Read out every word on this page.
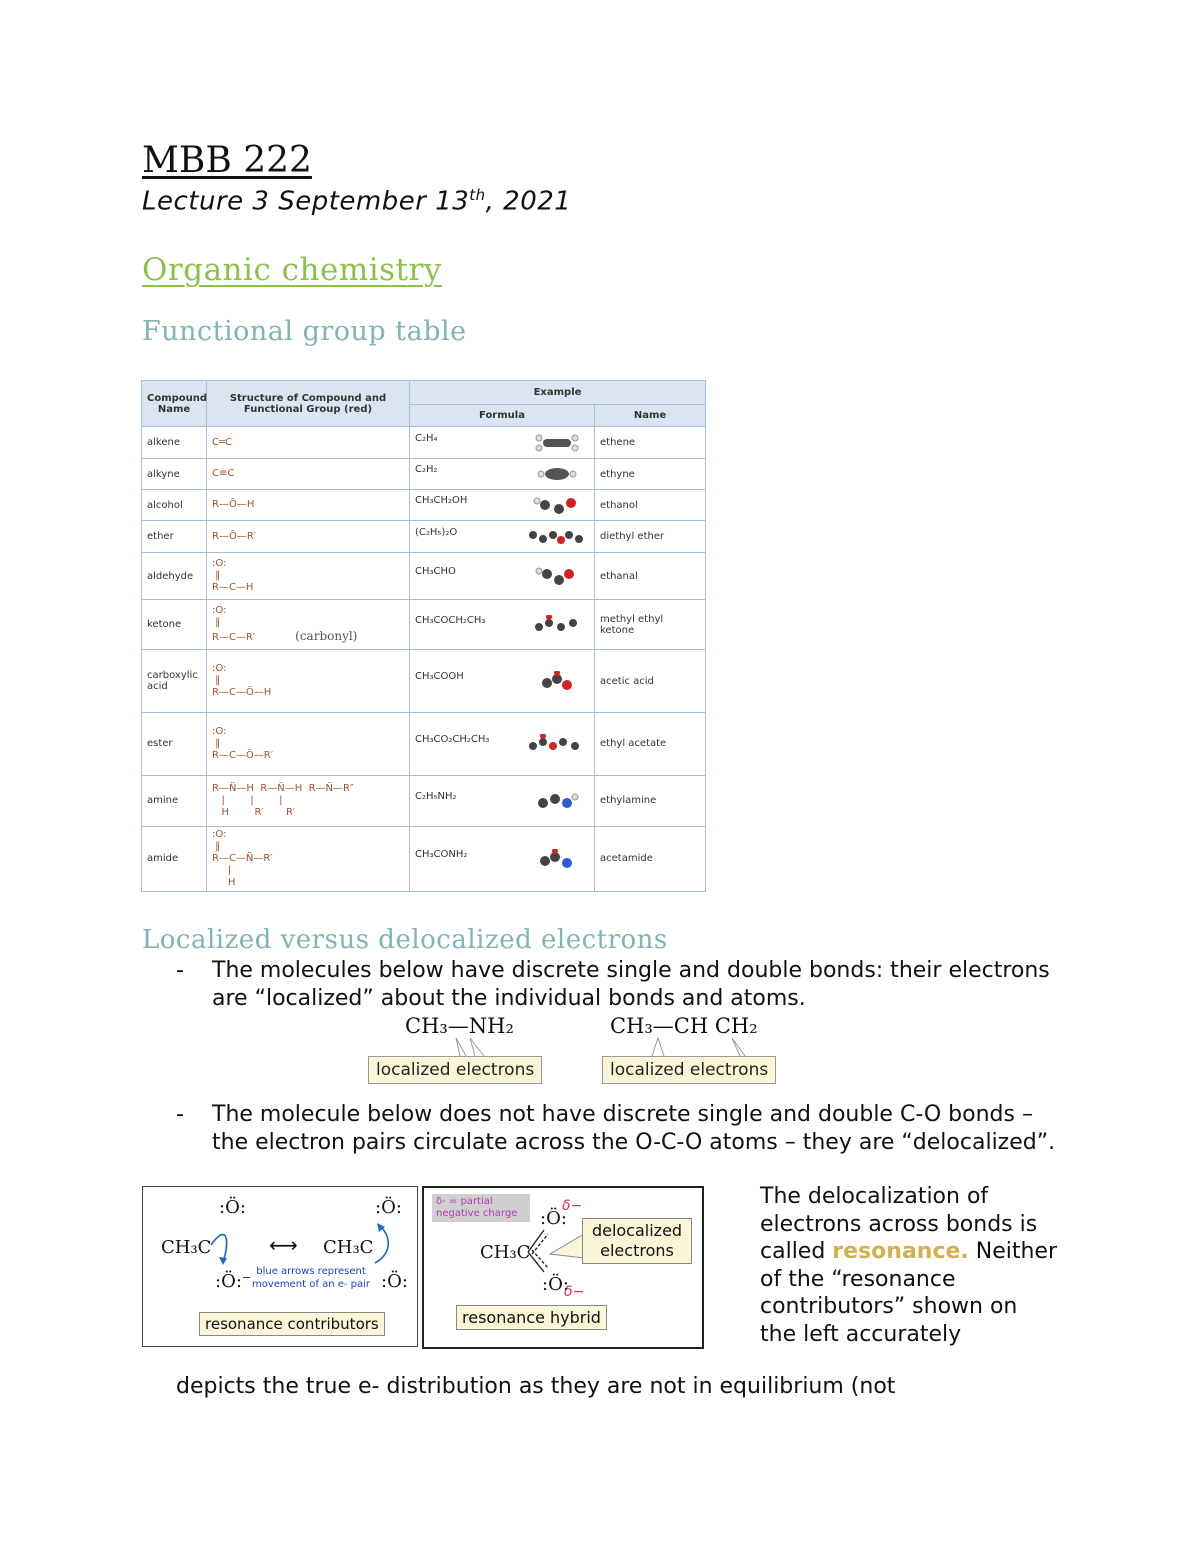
MBB 222
Lecture 3 September 13th, 2021
Organic chemistry
Functional group table
Compound Name	Structure of Compound and Functional Group (red)	Example	
		Formula	Name
alkene	C═C	C₂H₄	ethene
alkyne	C≡C	C₂H₂	ethyne
alcohol	R—Ö—H	CH₃CH₂OH	ethanol
ether	R—Ö—R′	(C₂H₅)₂O	diethyl ether
aldehyde	:O:
‖
R—C—H	CH₃CHO	ethanal
ketone	:O:
‖
R—C—R′ (carbonyl)	CH₃COCH₂CH₃	methyl ethyl ketone
carboxylic acid	:O:
‖
R—C—Ö—H	CH₃COOH	acetic acid
ester	:O:
‖
R—C—Ö—R′	CH₃CO₂CH₂CH₃	ethyl acetate
amine	R—N̈—H  R—N̈—H  R—N̈—R″
|        |        |
H        R′       R′	C₂H₅NH₂	ethylamine
amide	:O:
‖
R—C—N̈—R′
|
H	CH₃CONH₂	acetamide
Localized versus delocalized electrons
- The molecules below have discrete single and double bonds: their electrons are “localized” about the individual bonds and atoms.
CH₃—NH₂	CH₃—CH CH₂
localized electrons	localized electrons
- The molecule below does not have discrete single and double C-O bonds – the electron pairs circulate across the O-C-O atoms – they are “delocalized”.
:Ö:
CH₃C
:Ö:⁻
⟷ CH₃C
:Ö:
:Ö:
blue arrows represent movement of an e- pair
resonance contributors
δ- = partial negative charge	:Ö:
δ−
CH₃C
:Ö:
δ−
delocalized electrons
resonance hybrid
The delocalization of electrons across bonds is called resonance. Neither of the “resonance contributors” shown on the left accurately
depicts the true e- distribution as they are not in equilibrium (not
